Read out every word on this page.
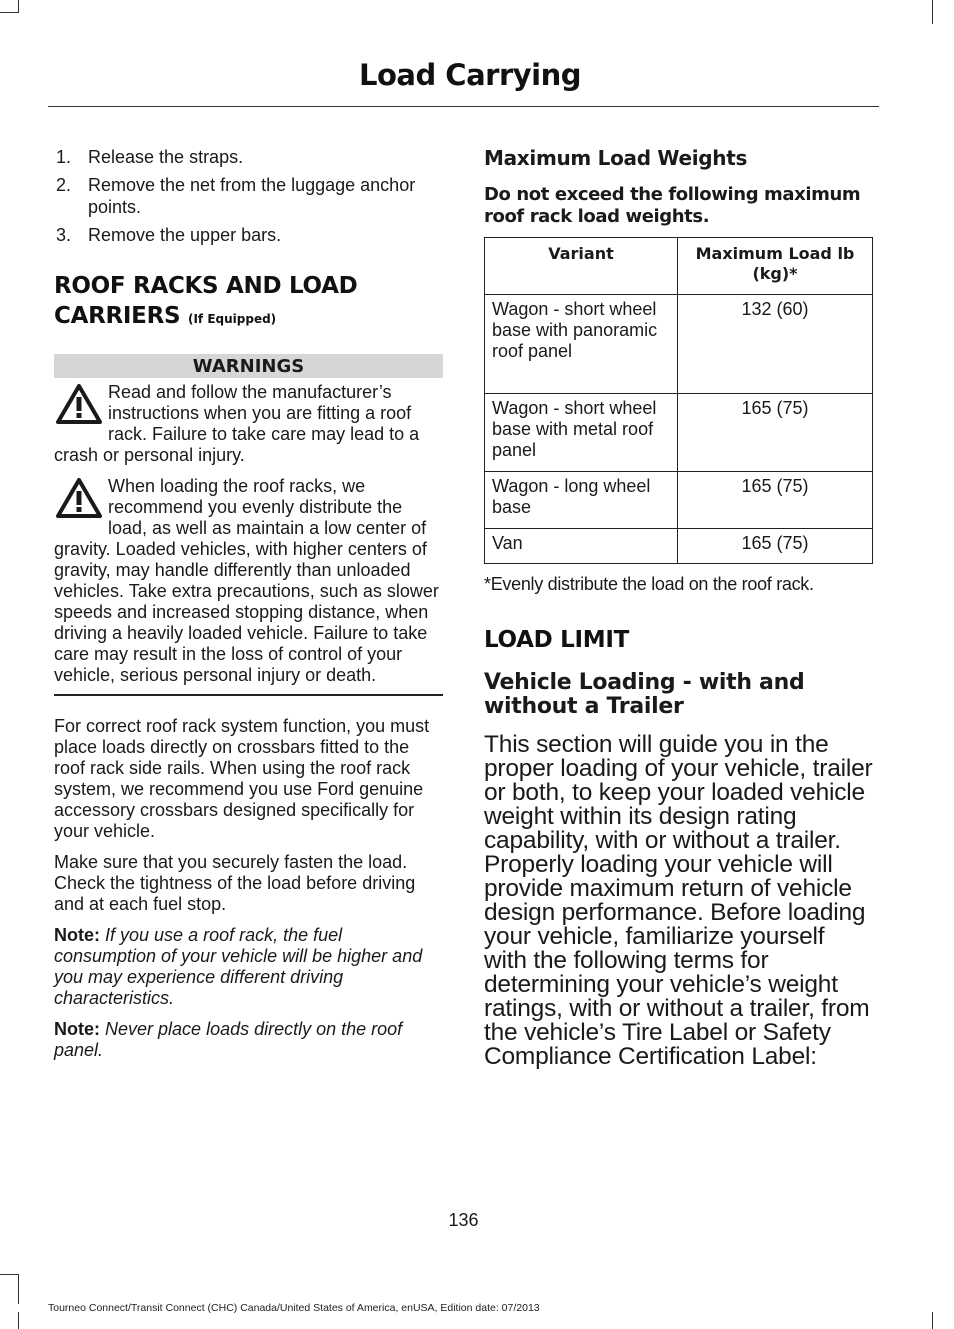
Load Carrying
1. Release the straps.
2. Remove the net from the luggage anchor points.
3. Remove the upper bars.
ROOF RACKS AND LOAD
CARRIERS (If Equipped)
WARNINGS
Read and follow the manufacturer’s instructions when you are fitting a roof rack. Failure to take care may lead to a crash or personal injury.
When loading the roof racks, we recommend you evenly distribute the load, as well as maintain a low center of gravity. Loaded vehicles, with higher centers of gravity, may handle differently than unloaded vehicles. Take extra precautions, such as slower speeds and increased stopping distance, when driving a heavily loaded vehicle. Failure to take care may result in the loss of control of your vehicle, serious personal injury or death.

For correct roof rack system function, you must place loads directly on crossbars fitted to the roof rack side rails. When using the roof rack system, we recommend you use Ford genuine accessory crossbars designed specifically for your vehicle.

Make sure that you securely fasten the load. Check the tightness of the load before driving and at each fuel stop.

Note: If you use a roof rack, the fuel consumption of your vehicle will be higher and you may experience different driving characteristics.

Note: Never place loads directly on the roof panel.

Maximum Load Weights

Do not exceed the following maximum roof rack load weights.

Variant	Maximum Load lb (kg)*
Wagon - short wheel base with panoramic roof panel	132 (60)
Wagon - short wheel base with metal roof panel	165 (75)
Wagon - long wheel base	165 (75)
Van	165 (75)

*Evenly distribute the load on the roof rack.

LOAD LIMIT
Vehicle Loading - with and without a Trailer

This section will guide you in the proper loading of your vehicle, trailer or both, to keep your loaded vehicle weight within its design rating capability, with or without a trailer. Properly loading your vehicle will provide maximum return of vehicle design performance. Before loading your vehicle, familiarize yourself with the following terms for determining your vehicle’s weight ratings, with or without a trailer, from the vehicle’s Tire Label or Safety Compliance Certification Label:

136
Tourneo Connect/Transit Connect (CHC) Canada/United States of America, enUSA, Edition date: 07/2013
